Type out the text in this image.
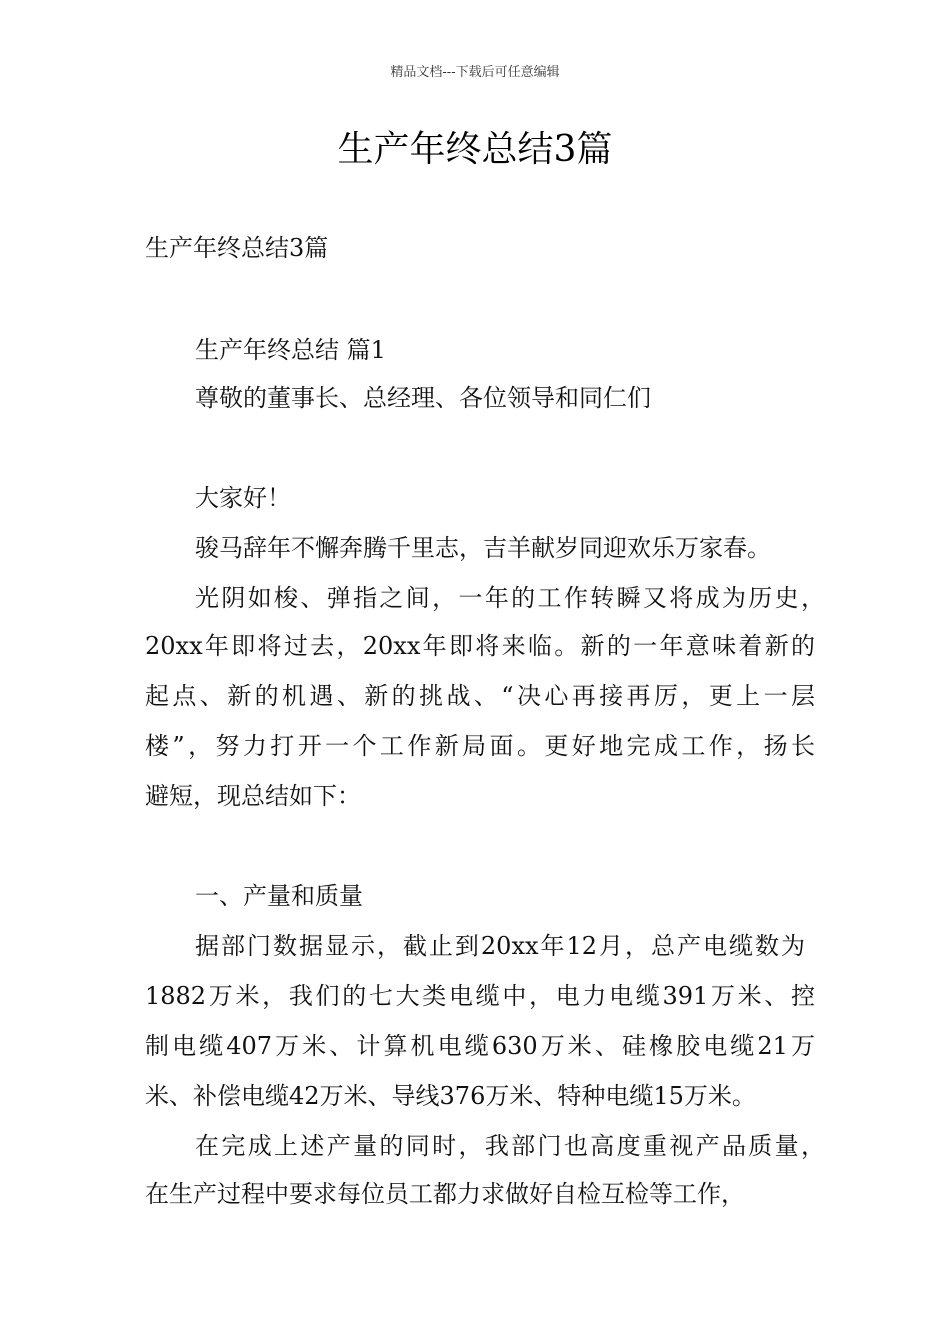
精品文档---下载后可任意编辑
生产年终总结3篇
生产年终总结3篇
生产年终总结 篇1
尊敬的董事长、总经理、各位领导和同仁们
大家好！
骏马辞年不懈奔腾千里志，吉羊献岁同迎欢乐万家春。
光阴如梭、弹指之间，一年的工作转瞬又将成为历史，
20xx年即将过去，20xx年即将来临。新的一年意味着新的
起点、新的机遇、新的挑战、“决心再接再厉，更上一层
楼”，努力打开一个工作新局面。更好地完成工作，扬长
避短，现总结如下：
一、产量和质量
据部门数据显示，截止到20xx年12月，总产电缆数为
1882万米，我们的七大类电缆中，电力电缆391万米、控
制电缆407万米、计算机电缆630万米、硅橡胶电缆21万
米、补偿电缆42万米、导线376万米、特种电缆15万米。
在完成上述产量的同时，我部门也高度重视产品质量，
在生产过程中要求每位员工都力求做好自检互检等工作，
